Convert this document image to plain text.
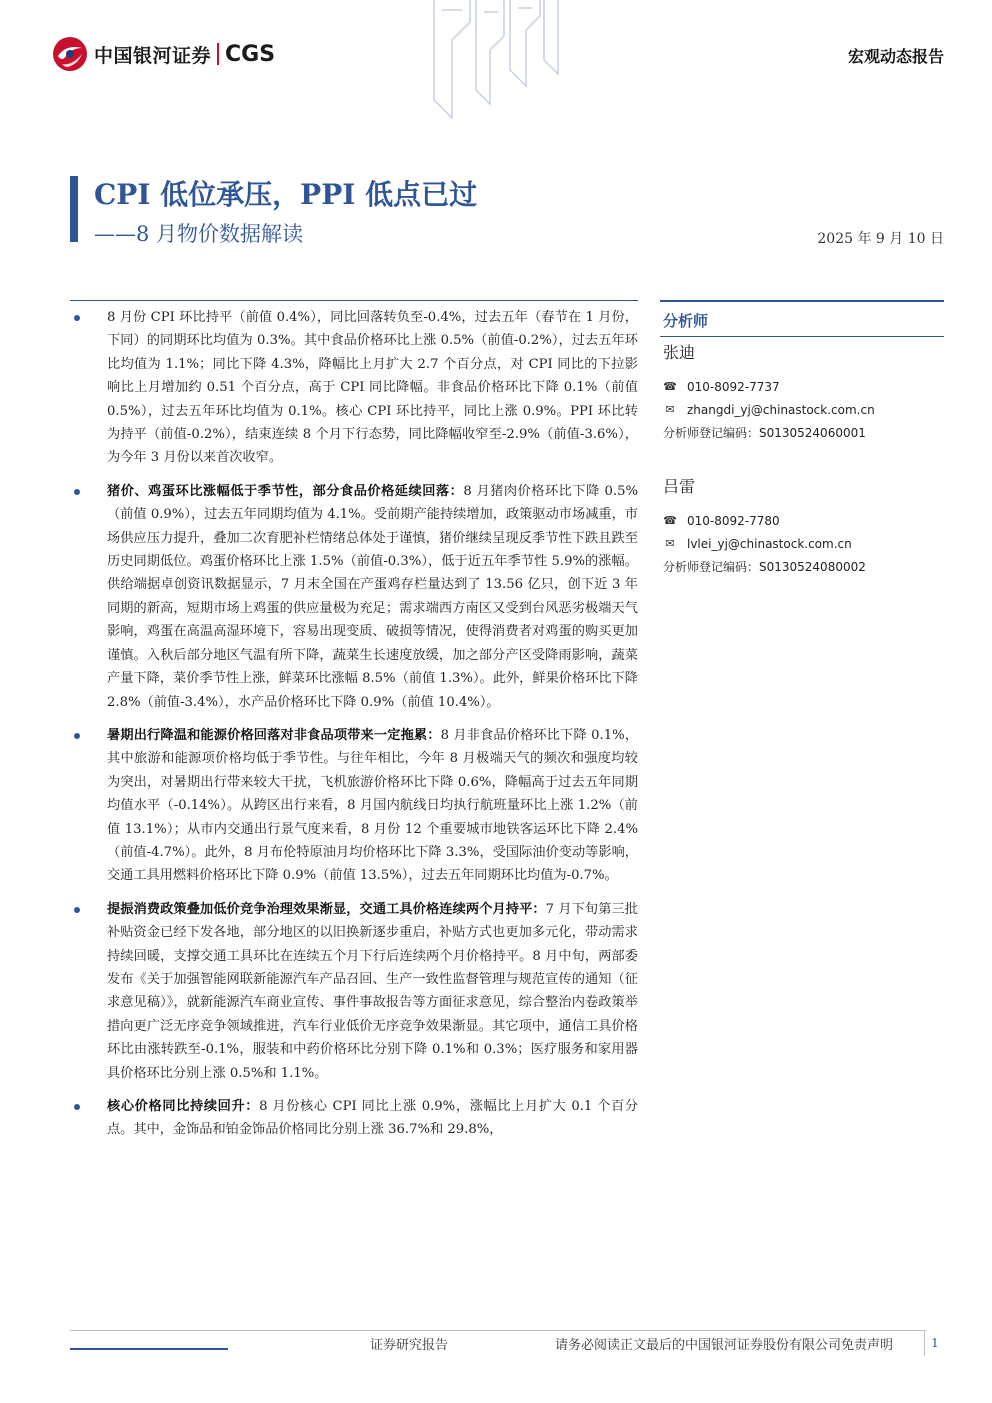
中国银河证券 CGS	宏观动态报告
CPI 低位承压，PPI 低点已过
——8 月物价数据解读	2025 年 9 月 10 日
8 月份 CPI 环比持平（前值 0.4%），同比回落转负至-0.4%，过去五年（春节在 1 月份，下同）的同期环比均值为 0.3%。其中食品价格环比上涨 0.5%（前值-0.2%），过去五年环比均值为 1.1%；同比下降 4.3%，降幅比上月扩大 2.7 个百分点，对 CPI 同比的下拉影响比上月增加约 0.51 个百分点，高于 CPI 同比降幅。非食品价格环比下降 0.1%（前值 0.5%），过去五年环比均值为 0.1%。核心 CPI 环比持平，同比上涨 0.9%。PPI 环比转为持平（前值-0.2%），结束连续 8 个月下行态势，同比降幅收窄至-2.9%（前值-3.6%），为今年 3 月份以来首次收窄。
猪价、鸡蛋环比涨幅低于季节性，部分食品价格延续回落：8 月猪肉价格环比下降 0.5%（前值 0.9%），过去五年同期均值为 4.1%。受前期产能持续增加，政策驱动市场减重，市场供应压力提升，叠加二次育肥补栏情绪总体处于谨慎，猪价继续呈现反季节性下跌且跌至历史同期低位。鸡蛋价格环比上涨 1.5%（前值-0.3%），低于近五年季节性 5.9%的涨幅。供给端据卓创资讯数据显示，7 月末全国在产蛋鸡存栏量达到了 13.56 亿只，创下近 3 年同期的新高，短期市场上鸡蛋的供应量极为充足；需求端西方南区又受到台风恶劣极端天气影响，鸡蛋在高温高湿环境下，容易出现变质、破损等情况，使得消费者对鸡蛋的购买更加谨慎。入秋后部分地区气温有所下降，蔬菜生长速度放缓，加之部分产区受降雨影响，蔬菜产量下降，菜价季节性上涨，鲜菜环比涨幅 8.5%（前值 1.3%）。此外，鲜果价格环比下降 2.8%（前值-3.4%），水产品价格环比下降 0.9%（前值 10.4%）。
暑期出行降温和能源价格回落对非食品项带来一定拖累：8 月非食品价格环比下降 0.1%，其中旅游和能源项价格均低于季节性。与往年相比，今年 8 月极端天气的频次和强度均较为突出，对暑期出行带来较大干扰，飞机旅游价格环比下降 0.6%，降幅高于过去五年同期均值水平（-0.14%）。从跨区出行来看，8 月国内航线日均执行航班量环比上涨 1.2%（前值 13.1%）；从市内交通出行景气度来看，8 月份 12 个重要城市地铁客运环比下降 2.4%（前值-4.7%）。此外，8 月布伦特原油月均价格环比下降 3.3%，受国际油价变动等影响，交通工具用燃料价格环比下降 0.9%（前值 13.5%），过去五年同期环比均值为-0.7%。
提振消费政策叠加低价竞争治理效果渐显，交通工具价格连续两个月持平：7 月下旬第三批补贴资金已经下发各地，部分地区的以旧换新逐步重启，补贴方式也更加多元化，带动需求持续回暖，支撑交通工具环比在连续五个月下行后连续两个月价格持平。8 月中旬，两部委发布《关于加强智能网联新能源汽车产品召回、生产一致性监督管理与规范宣传的通知（征求意见稿）》，就新能源汽车商业宣传、事件事故报告等方面征求意见，综合整治内卷政策举措向更广泛无序竞争领域推进，汽车行业低价无序竞争效果渐显。其它项中，通信工具价格环比由涨转跌至-0.1%，服装和中药价格环比分别下降 0.1%和 0.3%；医疗服务和家用器具价格环比分别上涨 0.5%和 1.1%。
核心价格同比持续回升：8 月份核心 CPI 同比上涨 0.9%，涨幅比上月扩大 0.1 个百分点。其中，金饰品和铂金饰品价格同比分别上涨 36.7%和 29.8%，
分析师
张迪
☎ 010-8092-7737
✉ zhangdi_yj@chinastock.com.cn
分析师登记编码：S0130524060001
吕雷
☎ 010-8092-7780
✉ lvlei_yj@chinastock.com.cn
分析师登记编码：S0130524080002
证券研究报告	请务必阅读正文最后的中国银河证券股份有限公司免责声明	1
